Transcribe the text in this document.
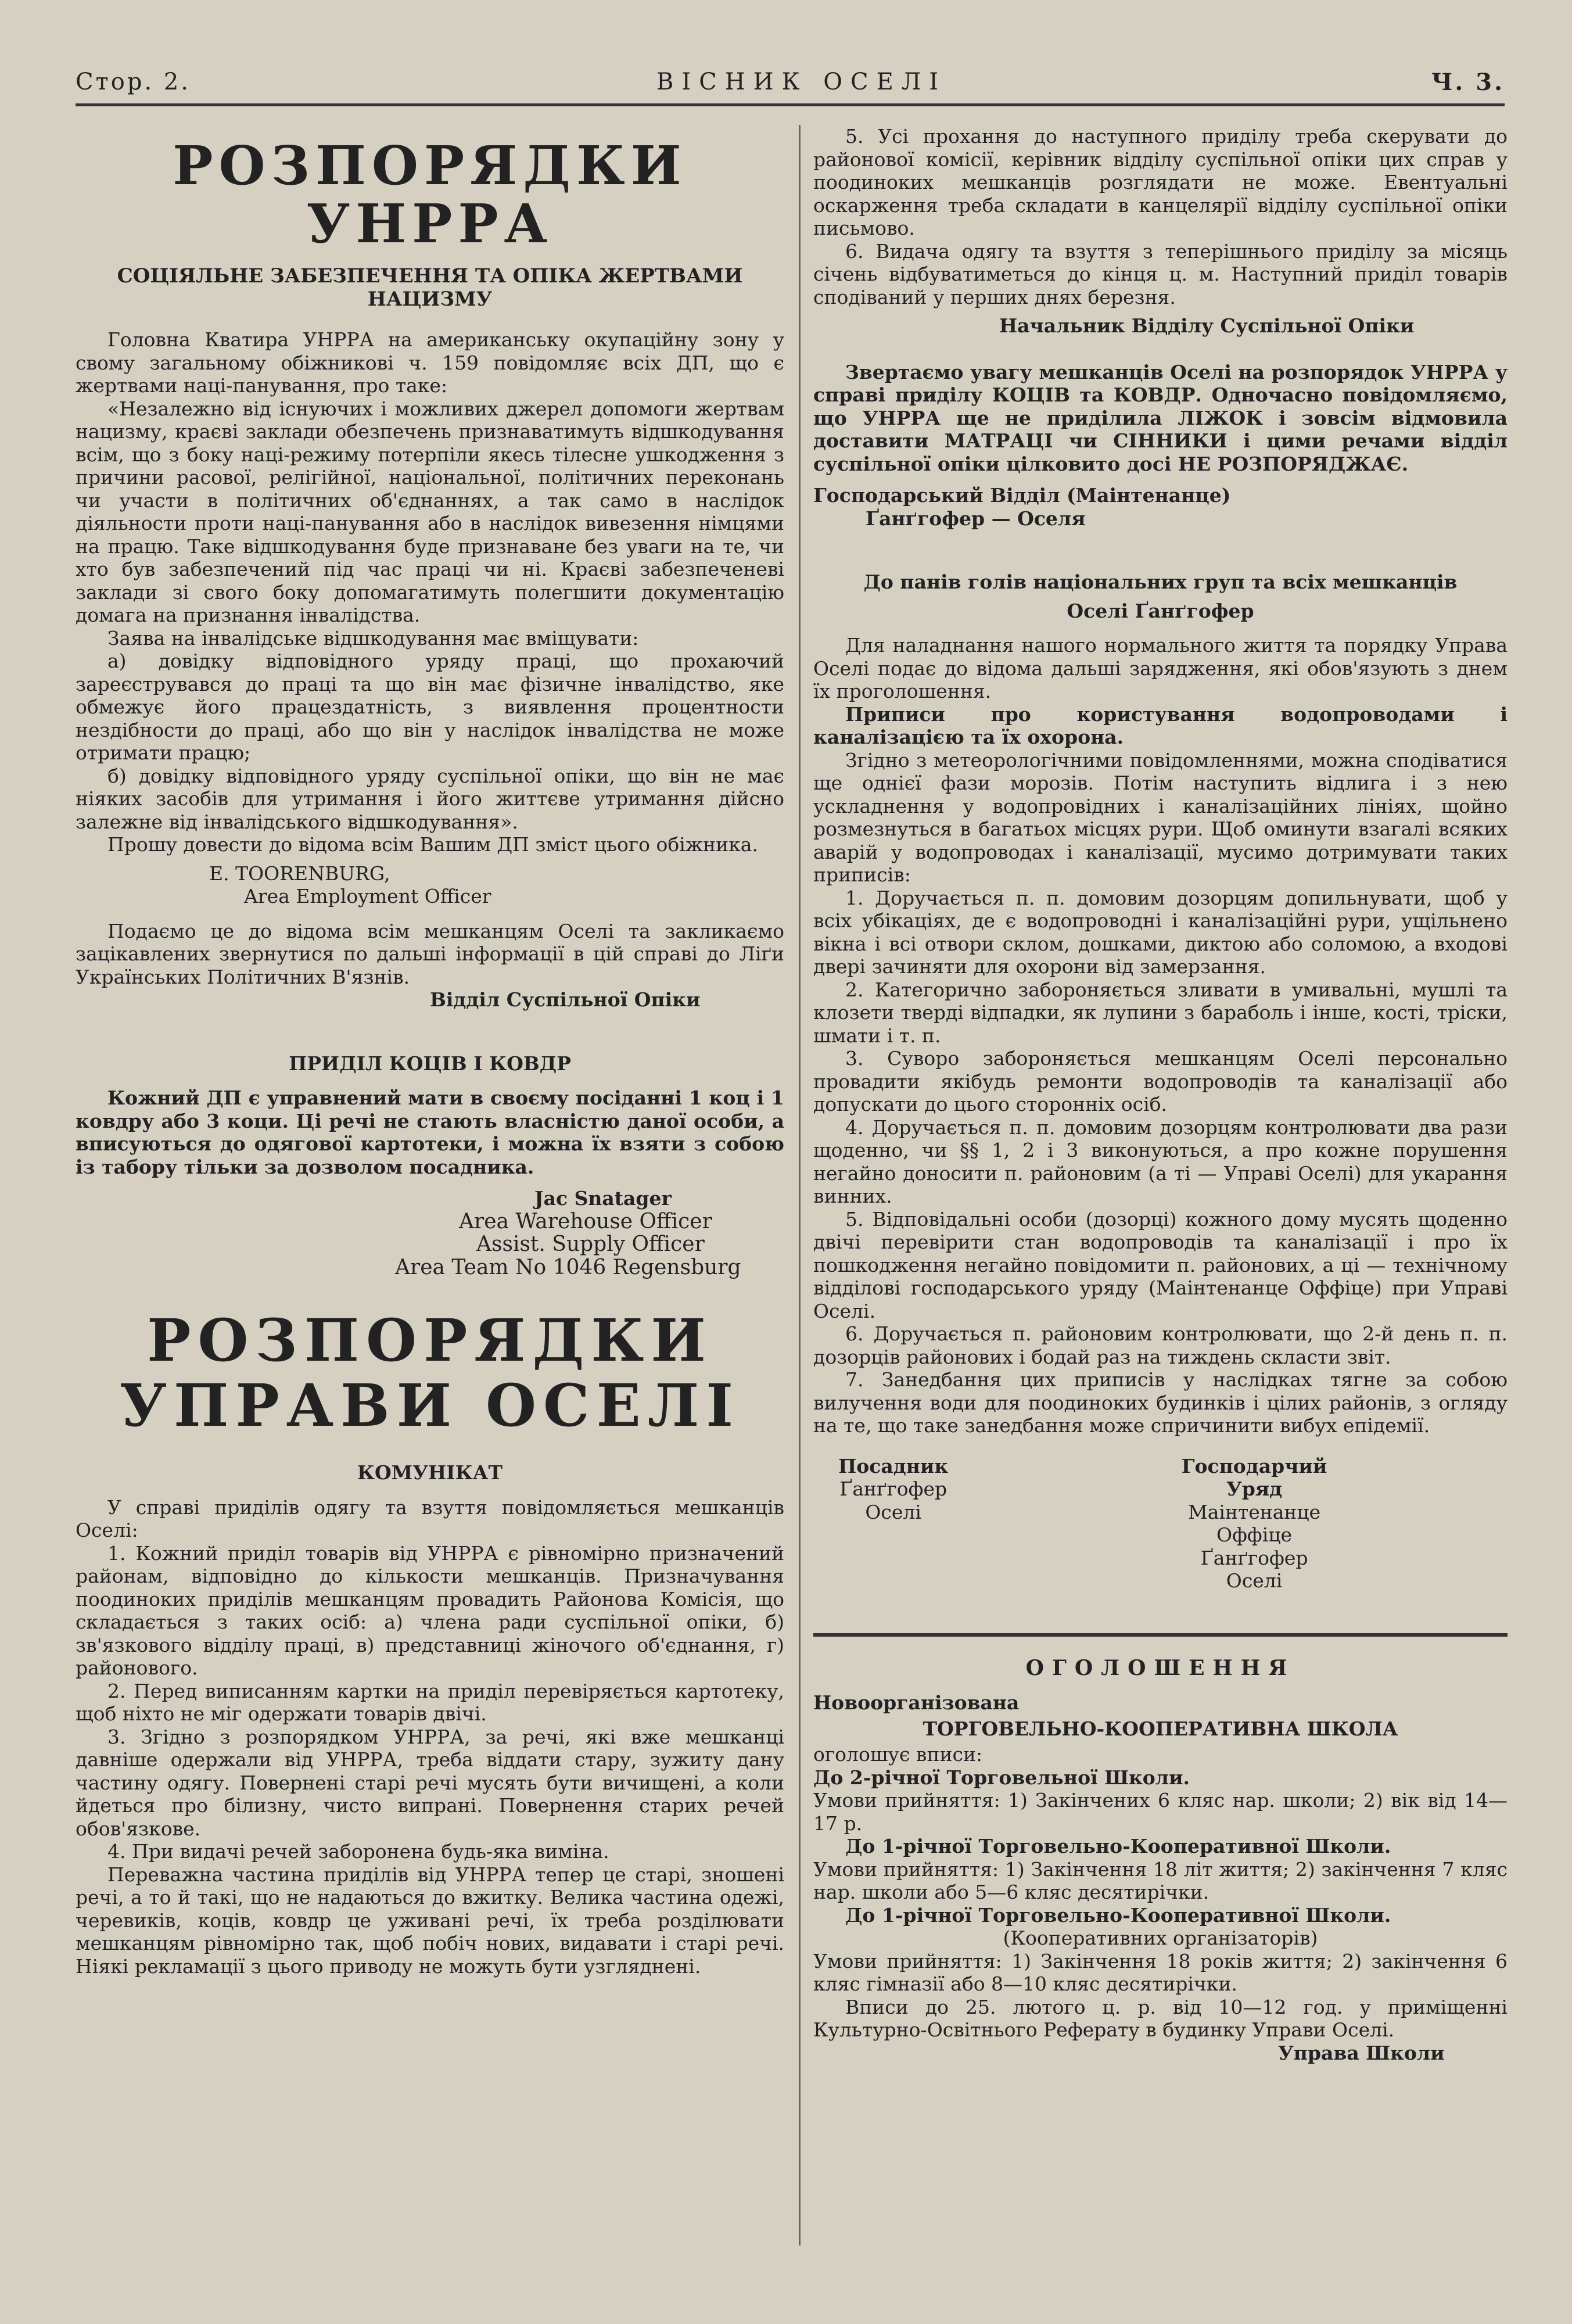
Стор. 2.	ВІСНИК ОСЕЛІ	Ч. 3.
РОЗПОРЯДКИ УНРРА
СОЦІЯЛЬНЕ ЗАБЕЗПЕЧЕННЯ ТА ОПІКА ЖЕРТВАМИ НАЦИЗМУ

Головна Кватира УНРРА на американську окупаційну зону у свому загальному обіжникові ч. 159 повідомляє всіх ДП, що є жертвами наці-панування, про таке:

«Незалежно від існуючих і можливих джерел допомоги жертвам нацизму, краєві заклади обезпечень признаватимуть відшкодування всім, що з боку наці-режиму потерпіли якесь тілесне ушкодження з причини расової, релігійної, національної, політичних переконань чи участи в політичних об'єднаннях, а так само в наслідок діяльности проти наці-панування або в наслідок вивезення німцями на працю. Таке відшкодування буде признаване без уваги на те, чи хто був забезпечений під час праці чи ні. Краєві забезпеченеві заклади зі свого боку допомагатимуть полегшити документацію домага на признання інвалідства.

Заява на інвалідське відшкодування має вміщувати:

а) довідку відповідного уряду праці, що прохаючий зареєструвався до праці та що він має фізичне інвалідство, яке обмежує його працездатність, з виявлення процентности нездібности до праці, або що він у наслідок інвалідства не може отримати працю;

б) довідку відповідного уряду суспільної опіки, що він не має ніяких засобів для утримання і його життєве утримання дійсно залежне від інвалідського відшкодування».

Прошу довести до відома всім Вашим ДП зміст цього обіжника.

E. TOORENBURG,

Area Employment Officer

Подаємо це до відома всім мешканцям Оселі та закликаємо зацікавлених звернутися по дальші інформації в цій справі до Ліґи Українських Політичних В'язнів.

Відділ Суспільної Опіки

ПРИДІЛ КОЦІВ І КОВДР

Кожний ДП є управнений мати в своєму посіданні 1 коц і 1 ковдру або 3 коци. Ці речі не стають власністю даної особи, а вписуються до одягової картотеки, і можна їх взяти з собою із табору тільки за дозволом посадника.

Jac Snatager

Area Warehouse Officer

Assist. Supply Officer

Area Team No 1046 Regensburg

РОЗПОРЯДКИ
УПРАВИ ОСЕЛІ
КОМУНІКАТ

У справі приділів одягу та взуття повідомляється мешканців Оселі:

1. Кожний приділ товарів від УНРРА є рівномірно призначений районам, відповідно до кількости мешканців. Призначування поодиноких приділів мешканцям провадить Районова Комісія, що складається з таких осіб: а) члена ради суспільної опіки, б) зв'язкового відділу праці, в) представниці жіночого об'єднання, г) районового.

2. Перед виписанням картки на приділ перевіряється картотеку, щоб ніхто не міг одержати товарів двічі.

3. Згідно з розпорядком УНРРА, за речі, які вже мешканці давніше одержали від УНРРА, треба віддати стару, зужиту дану частину одягу. Повернені старі речі мусять бути вичищені, а коли йдеться про білизну, чисто випрані. Повернення старих речей обов'язкове.

4. При видачі речей заборонена будь-яка виміна.

Переважна частина приділів від УНРРА тепер це старі, зношені речі, а то й такі, що не надаються до вжитку. Велика частина одежі, черевиків, коців, ковдр це уживані речі, їх треба розділювати мешканцям рівномірно так, щоб побіч нових, видавати і старі речі. Ніякі рекламації з цього приводу не можуть бути узгляднені.

5. Усі прохання до наступного приділу треба скерувати до районової комісії, керівник відділу суспільної опіки цих справ у поодиноких мешканців розглядати не може. Евентуальні оскарження треба складати в канцелярії відділу суспільної опіки письмово.

6. Видача одягу та взуття з теперішнього приділу за місяць січень відбуватиметься до кінця ц. м. Наступний приділ товарів сподіваний у перших днях березня.

Начальник Відділу Суспільної Опіки

Звертаємо увагу мешканців Оселі на розпорядок УНРРА у справі приділу КОЦІВ та КОВДР. Одночасно повідомляємо, що УНРРА ще не приділила ЛІЖОК і зовсім відмовила доставити МАТРАЦІ чи СІННИКИ і цими речами відділ суспільної опіки цілковито досі НЕ РОЗПОРЯДЖАЄ.

Господарський Відділ (Маінтенанце)

Ґанґгофер — Оселя

До панів голів національних груп та всіх мешканців
Оселі Ґанґгофер

Для наладнання нашого нормального життя та порядку Управа Оселі подає до відома дальші зарядження, які обов'язують з днем їх проголошення.

Приписи про користування водопроводами і каналізацією та їх охорона.

Згідно з метеорологічними повідомленнями, можна сподіватися ще однієї фази морозів. Потім наступить відлига і з нею ускладнення у водопровідних і каналізаційних лініях, щойно розмезнуться в багатьох місцях рури. Щоб оминути взагалі всяких аварій у водопроводах і каналізації, мусимо дотримувати таких приписів:

1. Доручається п. п. домовим дозорцям допильнувати, щоб у всіх убікаціях, де є водопроводні і каналізаційні рури, ущільнено вікна і всі отвори склом, дошками, диктою або соломою, а входові двері зачиняти для охорони від замерзання.

2. Категорично забороняється зливати в умивальні, мушлі та клозети тверді відпадки, як лупини з бараболь і інше, кості, тріски, шмати і т. п.

3. Суворо забороняється мешканцям Оселі персонально провадити якібудь ремонти водопроводів та каналізації або допускати до цього сторонніх осіб.

4. Доручається п. п. домовим дозорцям контролювати два рази щоденно, чи §§ 1, 2 і 3 виконуються, а про кожне порушення негайно доносити п. районовим (а ті — Управі Оселі) для укарання винних.

5. Відповідальні особи (дозорці) кожного дому мусять щоденно двічі перевірити стан водопроводів та каналізації і про їх пошкодження негайно повідомити п. районових, а ці — технічному відділові господарського уряду (Маінтенанце Оффіце) при Управі Оселі.

6. Доручається п. районовим контролювати, що 2-й день п. п. дозорців районових і бодай раз на тиждень скласти звіт.

7. Занедбання цих приписів у наслідках тягне за собою вилучення води для поодиноких будинків і цілих районів, з огляду на те, що таке занедбання може спричинити вибух епідемії.

Посадник
Ґанґгофер Оселі
Господарчий Уряд
Маінтенанце Оффіце
Ґанґгофер Оселі
ОГОЛОШЕННЯ

Новоорганізована

ТОРГОВЕЛЬНО-КООПЕРАТИВНА ШКОЛА

оголошує вписи:

До 2-річної Торговельної Школи.

Умови прийняття: 1) Закінчених 6 кляс нар. школи; 2) вік від 14—17 р.

До 1-річної Торговельно-Кооперативної Школи.

Умови прийняття: 1) Закінчення 18 літ життя; 2) закінчення 7 кляс нар. школи або 5—6 кляс десятирічки.

До 1-річної Торговельно-Кооперативної Школи.

(Кооперативних організаторів)

Умови прийняття: 1) Закінчення 18 років життя; 2) закінчення 6 кляс гімназії або 8—10 кляс десятирічки.

Вписи до 25. лютого ц. р. від 10—12 год. у приміщенні Культурно-Освітнього Реферату в будинку Управи Оселі.

Управа Школи
